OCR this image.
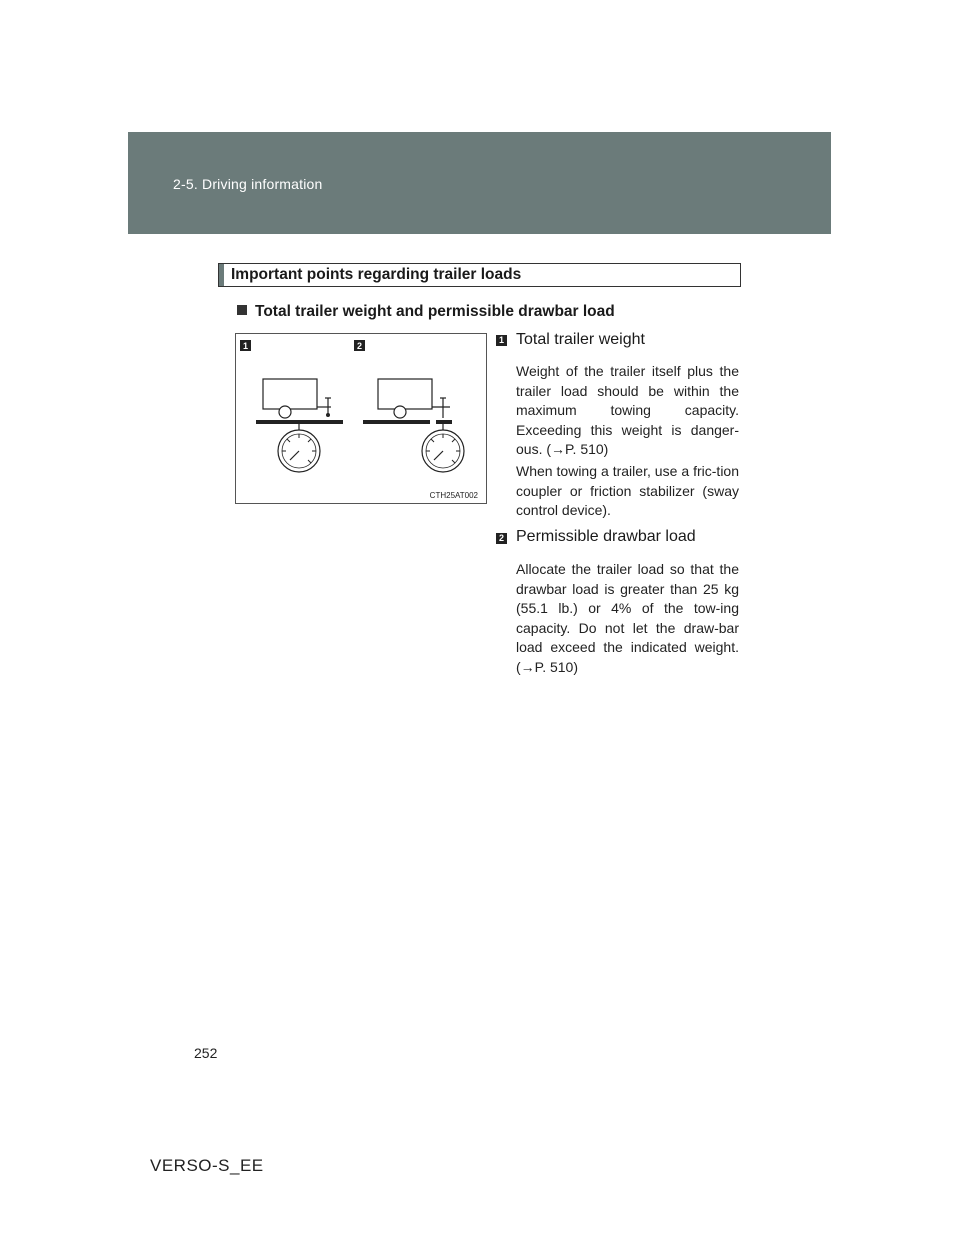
2-5. Driving information
Important points regarding trailer loads
Total trailer weight and permissible drawbar load
1	2
CTH25AT002
1 Total trailer weight

Weight of the trailer itself plus the trailer load should be within the maximum towing capacity. Exceeding this weight is danger-ous. (→P. 510)

When towing a trailer, use a fric-tion coupler or friction stabilizer (sway control device).

2 Permissible drawbar load

Allocate the trailer load so that the drawbar load is greater than 25 kg (55.1 lb.) or 4% of the tow-ing capacity. Do not let the draw-bar load exceed the indicated weight. (→P. 510)

252
VERSO-S_EE
